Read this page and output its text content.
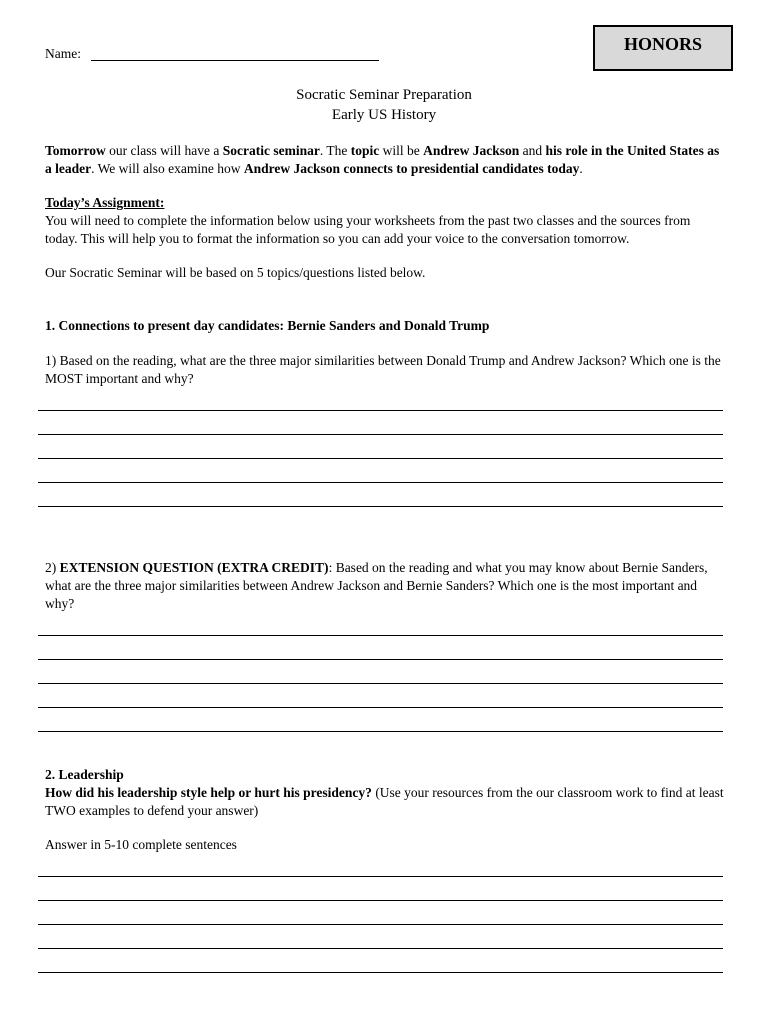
Name:	HONORS
Socratic Seminar Preparation
Early US History
Tomorrow our class will have a Socratic seminar. The topic will be Andrew Jackson and his role in the United States as a leader. We will also examine how Andrew Jackson connects to presidential candidates today.
Today’s Assignment:
You will need to complete the information below using your worksheets from the past two classes and the sources from today. This will help you to format the information so you can add your voice to the conversation tomorrow.
Our Socratic Seminar will be based on 5 topics/questions listed below.
1. Connections to present day candidates: Bernie Sanders and Donald Trump
1) Based on the reading, what are the three major similarities between Donald Trump and Andrew Jackson? Which one is the MOST important and why?
2) EXTENSION QUESTION (EXTRA CREDIT): Based on the reading and what you may know about Bernie Sanders, what are the three major similarities between Andrew Jackson and Bernie Sanders? Which one is the most important and why?
2. Leadership
How did his leadership style help or hurt his presidency? (Use your resources from the our classroom work to find at least TWO examples to defend your answer)
Answer in 5-10 complete sentences
